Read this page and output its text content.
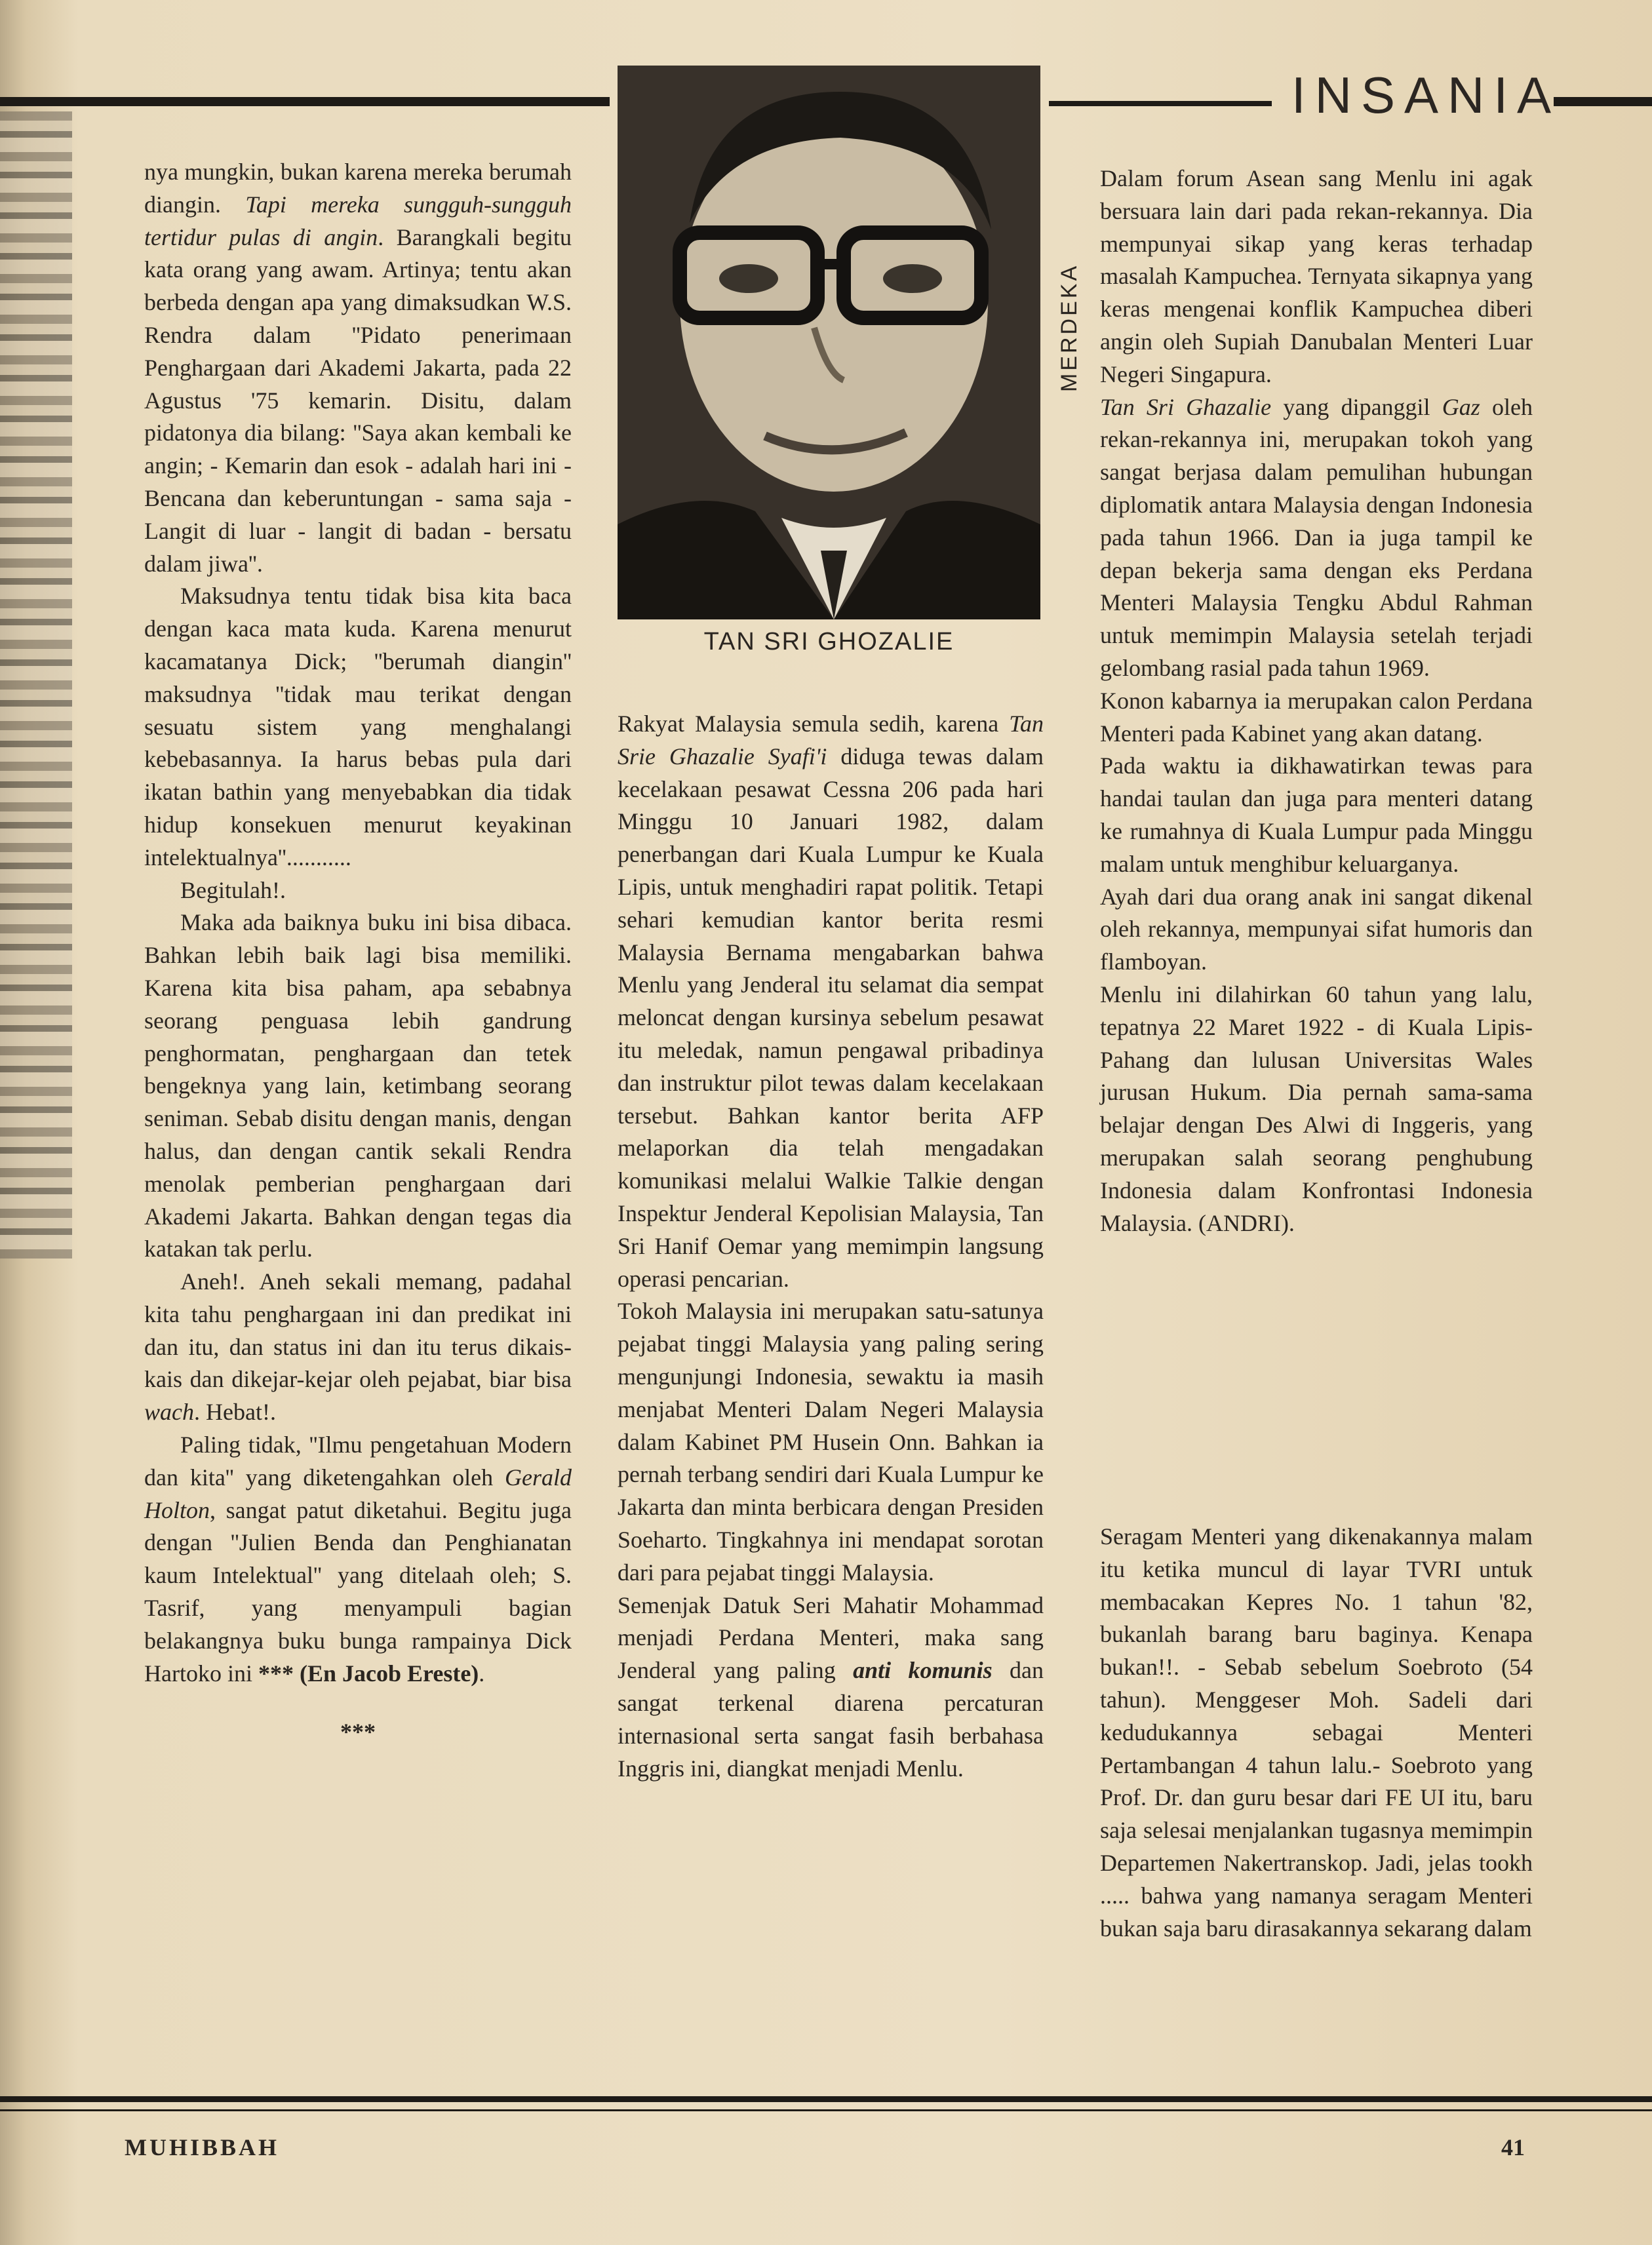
INSANIA

nya mungkin, bukan karena mereka berumah diangin. Tapi mereka sungguh-sungguh tertidur pulas di angin. Barangkali begitu kata orang yang awam. Artinya; tentu akan berbeda dengan apa yang dimaksudkan W.S. Rendra dalam ''Pidato penerimaan Penghargaan dari Akademi Jakarta, pada 22 Agustus '75 kemarin. Disitu, dalam pidatonya dia bilang: ''Saya akan kembali ke angin; - Kemarin dan esok - adalah hari ini - Bencana dan keberuntungan - sama saja - Langit di luar - langit di badan - bersatu dalam jiwa''.

Maksudnya tentu tidak bisa kita baca dengan kaca mata kuda. Karena menurut kacamatanya Dick; ''berumah diangin'' maksudnya ''tidak mau terikat dengan sesuatu sistem yang menghalangi kebebasannya. Ia harus bebas pula dari ikatan bathin yang menyebabkan dia tidak hidup konsekuen menurut keyakinan intelektualnya''...........

Begitulah!.

Maka ada baiknya buku ini bisa dibaca. Bahkan lebih baik lagi bisa memiliki. Karena kita bisa paham, apa sebabnya seorang penguasa lebih gandrung penghormatan, penghargaan dan tetek bengeknya yang lain, ketimbang seorang seniman. Sebab disitu dengan manis, dengan halus, dan dengan cantik sekali Rendra menolak pemberian penghargaan dari Akademi Jakarta. Bahkan dengan tegas dia katakan tak perlu.

Aneh!. Aneh sekali memang, padahal kita tahu penghargaan ini dan predikat ini dan itu, dan status ini dan itu terus dikais-kais dan dikejar-kejar oleh pejabat, biar bisa wach. Hebat!.

Paling tidak, ''Ilmu pengetahuan Modern dan kita'' yang diketengahkan oleh Gerald Holton, sangat patut diketahui. Begitu juga dengan ''Julien Benda dan Penghianatan kaum Intelektual'' yang ditelaah oleh; S. Tasrif, yang menyampuli bagian belakangnya buku bunga rampainya Dick Hartoko ini *** (En Jacob Ereste).

***

MERDEKA
TAN SRI GHOZALIE

Rakyat Malaysia semula sedih, karena Tan Srie Ghazalie Syafi'i diduga tewas dalam kecelakaan pesawat Cessna 206 pada hari Minggu 10 Januari 1982, dalam penerbangan dari Kuala Lumpur ke Kuala Lipis, untuk menghadiri rapat politik. Tetapi sehari kemudian kantor berita resmi Malaysia Bernama mengabarkan bahwa Menlu yang Jenderal itu selamat dia sempat meloncat dengan kursinya sebelum pesawat itu meledak, namun pengawal pribadinya dan instruktur pilot tewas dalam kecelakaan tersebut. Bahkan kantor berita AFP melaporkan dia telah mengadakan komunikasi melalui Walkie Talkie dengan Inspektur Jenderal Kepolisian Malaysia, Tan Sri Hanif Oemar yang memimpin langsung operasi pencarian.

Tokoh Malaysia ini merupakan satu-satunya pejabat tinggi Malaysia yang paling sering mengunjungi Indonesia, sewaktu ia masih menjabat Menteri Dalam Negeri Malaysia dalam Kabinet PM Husein Onn. Bahkan ia pernah terbang sendiri dari Kuala Lumpur ke Jakarta dan minta berbicara dengan Presiden Soeharto. Tingkahnya ini mendapat sorotan dari para pejabat tinggi Malaysia.

Semenjak Datuk Seri Mahatir Mohammad menjadi Perdana Menteri, maka sang Jenderal yang paling anti komunis dan sangat terkenal diarena percaturan internasional serta sangat fasih berbahasa Inggris ini, diangkat menjadi Menlu.

Dalam forum Asean sang Menlu ini agak bersuara lain dari pada rekan-rekannya. Dia mempunyai sikap yang keras terhadap masalah Kampuchea. Ternyata sikapnya yang keras mengenai konflik Kampuchea diberi angin oleh Supiah Danubalan Menteri Luar Negeri Singapura.

Tan Sri Ghazalie yang dipanggil Gaz oleh rekan-rekannya ini, merupakan tokoh yang sangat berjasa dalam pemulihan hubungan diplomatik antara Malaysia dengan Indonesia pada tahun 1966. Dan ia juga tampil ke depan bekerja sama dengan eks Perdana Menteri Malaysia Tengku Abdul Rahman untuk memimpin Malaysia setelah terjadi gelombang rasial pada tahun 1969.

Konon kabarnya ia merupakan calon Perdana Menteri pada Kabinet yang akan datang.

Pada waktu ia dikhawatirkan tewas para handai taulan dan juga para menteri datang ke rumahnya di Kuala Lumpur pada Minggu malam untuk menghibur keluarganya.

Ayah dari dua orang anak ini sangat dikenal oleh rekannya, mempunyai sifat humoris dan flamboyan.

Menlu ini dilahirkan 60 tahun yang lalu, tepatnya 22 Maret 1922 - di Kuala Lipis-Pahang dan lulusan Universitas Wales jurusan Hukum. Dia pernah sama-sama belajar dengan Des Alwi di Inggeris, yang merupakan salah seorang penghubung Indonesia dalam Konfrontasi Indonesia Malaysia. (ANDRI).

Seragam Menteri yang dikenakannya malam itu ketika muncul di layar TVRI untuk membacakan Kepres No. 1 tahun '82, bukanlah barang baru baginya. Kenapa bukan!!. - Sebab sebelum Soebroto (54 tahun). Menggeser Moh. Sadeli dari kedudukannya sebagai Menteri Pertambangan 4 tahun lalu.- Soebroto yang Prof. Dr. dan guru besar dari FE UI itu, baru saja selesai menjalankan tugasnya memimpin Departemen Nakertranskop. Jadi, jelas tookh ..... bahwa yang namanya seragam Menteri bukan saja baru dirasakannya sekarang dalam

MUHIBBAH	41
